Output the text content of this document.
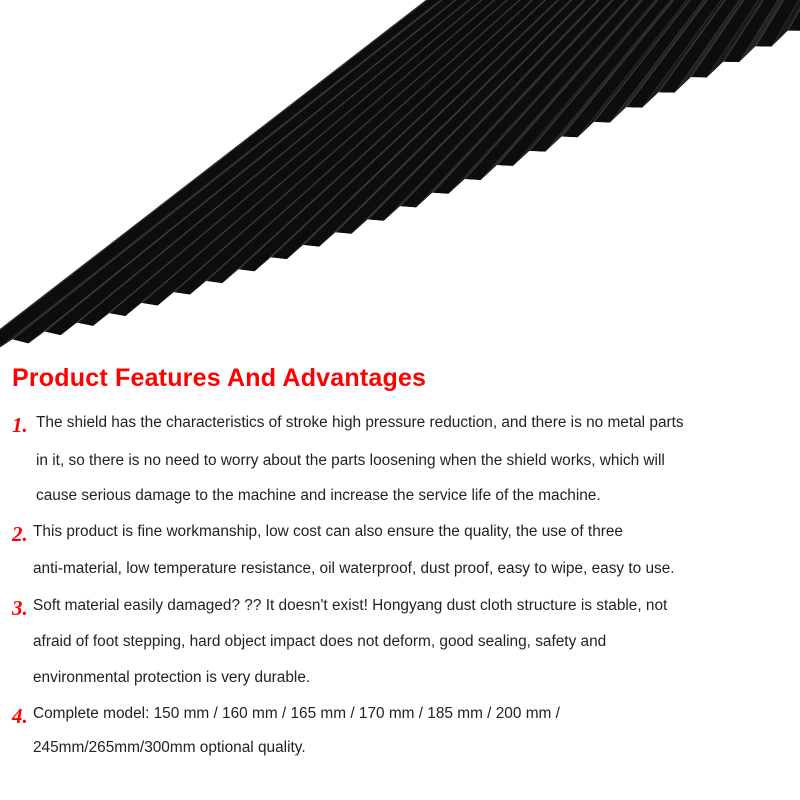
Product Features And Advantages
1. The shield has the characteristics of stroke high pressure reduction, and there is no metal parts
in it, so there is no need to worry about the parts loosening when the shield works, which will
cause serious damage to the machine and increase the service life of the machine.
2. This product is fine workmanship, low cost can also ensure the quality, the use of three
anti-material, low temperature resistance, oil waterproof, dust proof, easy to wipe, easy to use.
3. Soft material easily damaged? ?? It doesn't exist! Hongyang dust cloth structure is stable, not
afraid of foot stepping, hard object impact does not deform, good sealing, safety and
environmental protection is very durable.
4. Complete model: 150 mm / 160 mm / 165 mm / 170 mm / 185 mm / 200 mm /
245mm/265mm/300mm optional quality.
